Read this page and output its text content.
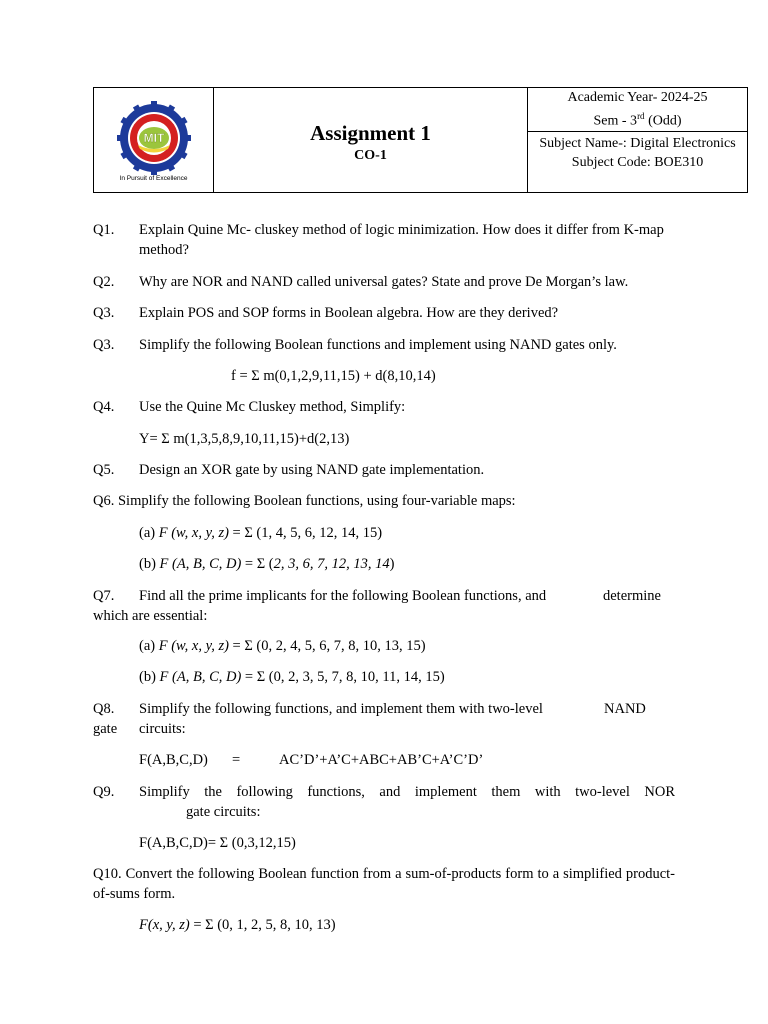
MIT
In Pursuit of Excellence

Assignment 1
CO-1

Academic Year- 2024-25
Sem - 3rd (Odd)

Subject Name-: Digital Electronics
Subject Code: BOE310
Q1. Explain Quine Mc- cluskey method of logic minimization. How does it differ from K-map method?
Q2. Why are NOR and NAND called universal gates? State and prove De Morgan’s law.
Q3. Explain POS and SOP forms in Boolean algebra. How are they derived?
Q3. Simplify the following Boolean functions and implement using NAND gates only.
f = Σ m(0,1,2,9,11,15) + d(8,10,14)
Q4. Use the Quine Mc Cluskey method, Simplify:
Y= Σ m(1,3,5,8,9,10,11,15)+d(2,13)
Q5. Design an XOR gate by using NAND gate implementation.
Q6. Simplify the following Boolean functions, using four-variable maps:
(a) F (w, x, y, z) = Σ (1, 4, 5, 6, 12, 14, 15)
(b) F (A, B, C, D) = Σ (2, 3, 6, 7, 12, 13, 14)
Q7. Find all the prime implicants for the following Boolean functions, and	determine
which are essential:
(a) F (w, x, y, z) = Σ (0, 2, 4, 5, 6, 7, 8, 10, 13, 15)
(b) F (A, B, C, D) = Σ (0, 2, 3, 5, 7, 8, 10, 11, 14, 15)
Q8. Simplify the following functions, and implement them with two-level	NAND
gate circuits:
F(A,B,C,D) =	AC’D’+A’C+ABC+AB’C+A’C’D’
Q9. Simplify the following functions, and implement them with two-level NOR
gate circuits:
F(A,B,C,D)= Σ (0,3,12,15)
Q10. Convert the following Boolean function from a sum-of-products form to a simplified product-of-sums form.
F(x, y, z) = Σ (0, 1, 2, 5, 8, 10, 13)
